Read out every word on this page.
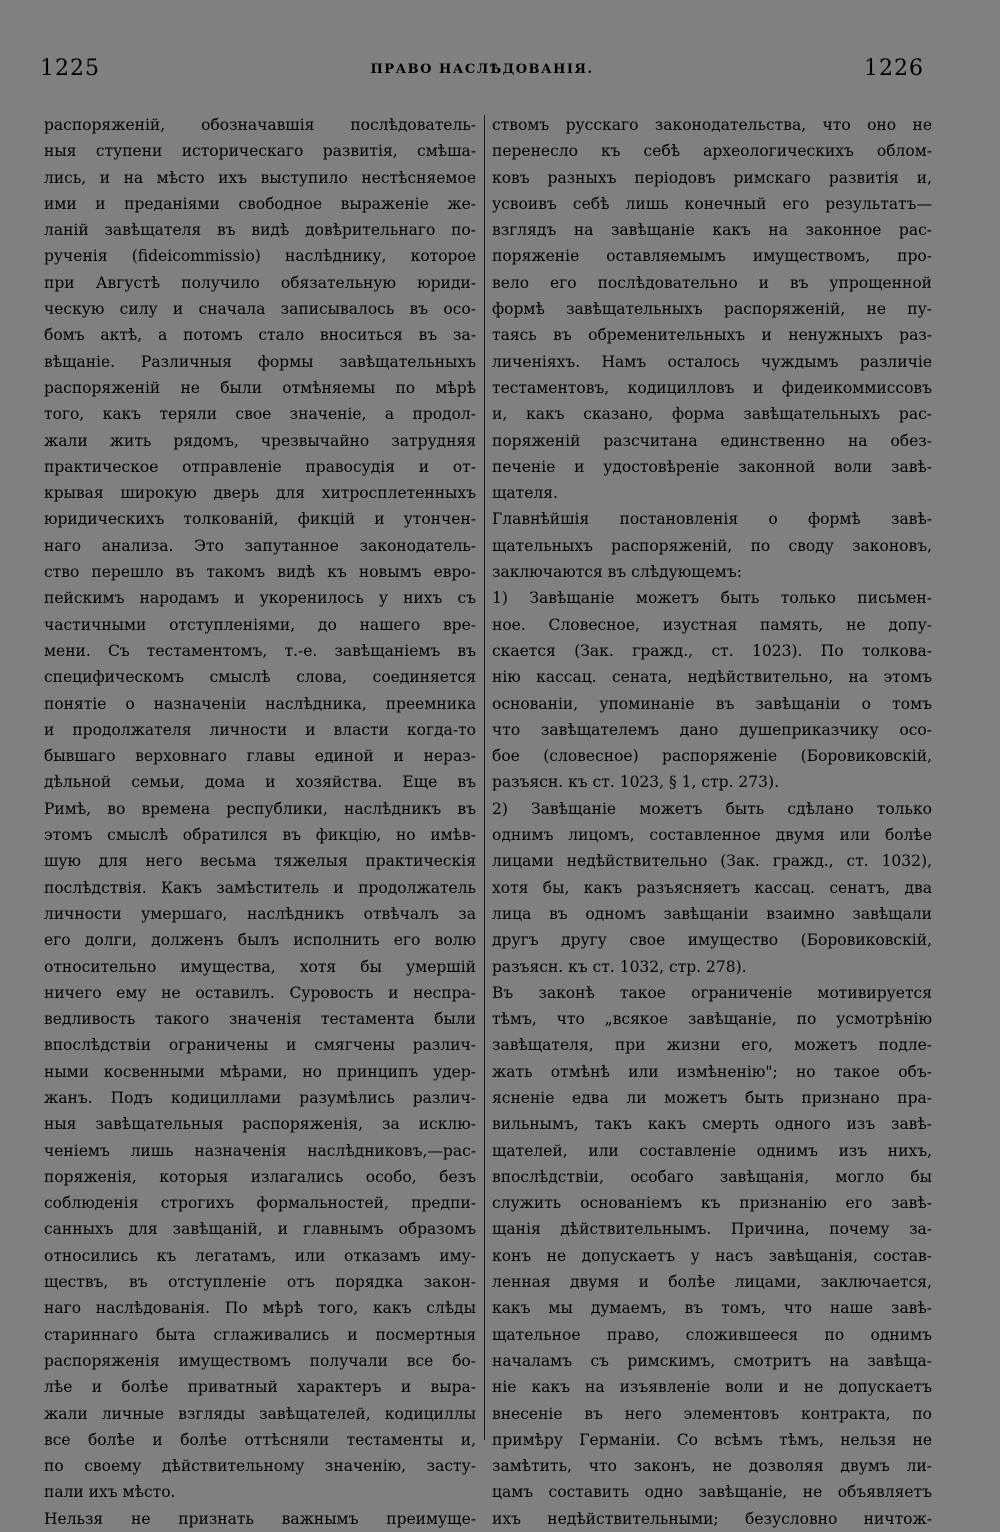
1225	ПРАВО НАСЛѢДОВАНІЯ.	1226
распоряженій, обозначавшія послѣдователь-
ныя ступени историческаго развитія, смѣша-
лись, и на мѣсто ихъ выступило нестѣсняемое
ими и преданіями свободное выраженіе же-
ланій завѣщателя въ видѣ довѣрительнаго по-
рученія (fideicommissio) наслѣднику, которое
при Августѣ получило обязательную юриди-
ческую силу и сначала записывалось въ осо-
бомъ актѣ, а потомъ стало вноситься въ за-
вѣщаніе. Различныя формы завѣщательныхъ
распоряженій не были отмѣняемы по мѣрѣ
того, какъ теряли свое значеніе, а продол-
жали жить рядомъ, чрезвычайно затрудняя
практическое отправленіе правосудія и от-
крывая широкую дверь для хитросплетенныхъ
юридическихъ толкованій, фикцій и утончен-
наго анализа. Это запутанное законодатель-
ство перешло въ такомъ видѣ къ новымъ евро-
пейскимъ народамъ и укоренилось у нихъ съ
частичными отступленіями, до нашего вре-
мени. Съ тестаментомъ, т.-е. завѣщаніемъ въ
специфическомъ смыслѣ слова, соединяется
понятіе о назначеніи наслѣдника, преемника
и продолжателя личности и власти когда-то
бывшаго верховнаго главы единой и нераз-
дѣльной семьи, дома и хозяйства. Еще въ
Римѣ, во времена республики, наслѣдникъ въ
этомъ смыслѣ обратился въ фикцію, но имѣв-
шую для него весьма тяжелыя практическія
послѣдствія. Какъ замѣститель и продолжатель
личности умершаго, наслѣдникъ отвѣчалъ за
его долги, долженъ былъ исполнить его волю
относительно имущества, хотя бы умершій
ничего ему не оставилъ. Суровость и неспра-
ведливость такого значенія тестамента были
впослѣдствіи ограничены и смягчены различ-
ными косвенными мѣрами, но принципъ удер-
жанъ. Подъ кодициллами разумѣлись различ-
ныя завѣщательныя распоряженія, за исклю-
ченіемъ лишь назначенія наслѣдниковъ,—рас-
поряженія, которыя излагались особо, безъ
соблюденія строгихъ формальностей, предпи-
санныхъ для завѣщаній, и главнымъ образомъ
относились къ легатамъ, или отказамъ иму-
ществъ, въ отступленіе отъ порядка закон-
наго наслѣдованія. По мѣрѣ того, какъ слѣды
стариннаго быта сглаживались и посмертныя
распоряженія имуществомъ получали все бо-
лѣе и болѣе приватный характеръ и выра-
жали личные взгляды завѣщателей, кодициллы
все болѣе и болѣе оттѣсняли тестаменты и,
по своему дѣйствительному значенію, засту-
пали ихъ мѣсто.
Нельзя не признать важнымъ преимуще-
ствомъ русскаго законодательства, что оно не
перенесло къ себѣ археологическихъ облом-
ковъ разныхъ періодовъ римскаго развитія и,
усвоивъ себѣ лишь конечный его результатъ—
взглядъ на завѣщаніе какъ на законное рас-
поряженіе оставляемымъ имуществомъ, про-
вело его послѣдовательно и въ упрощенной
формѣ завѣщательныхъ распоряженій, не пу-
таясь въ обременительныхъ и ненужныхъ раз-
личеніяхъ. Намъ осталось чуждымъ различіе
тестаментовъ, кодицилловъ и фидеикоммиссовъ
и, какъ сказано, форма завѣщательныхъ рас-
поряженій разсчитана единственно на обез-
печеніе и удостовѣреніе законной воли завѣ-
щателя.
Главнѣйшія постановленія о формѣ завѣ-
щательныхъ распоряженій, по своду законовъ,
заключаются въ слѣдующемъ:
1) Завѣщаніе можетъ быть только письмен-
ное. Словесное, изустная память, не допу-
скается (Зак. гражд., ст. 1023). По толкова-
нію кассац. сената, недѣйствительно, на этомъ
основаніи, упоминаніе въ завѣщаніи о томъ
что завѣщателемъ дано душеприказчику осо-
бое (словесное) распоряженіе (Боровиковскій,
разъясн. къ ст. 1023, § 1, стр. 273).
2) Завѣщаніе можетъ быть сдѣлано только
однимъ лицомъ, составленное двумя или болѣе
лицами недѣйствительно (Зак. гражд., ст. 1032),
хотя бы, какъ разъясняетъ кассац. сенатъ, два
лица въ одномъ завѣщаніи взаимно завѣщали
другъ другу свое имущество (Боровиковскій,
разъясн. къ ст. 1032, стр. 278).
Въ законѣ такое ограниченіе мотивируется
тѣмъ, что „всякое завѣщаніе, по усмотрѣнію
завѣщателя, при жизни его, можетъ подле-
жать отмѣнѣ или измѣненію"; но такое объ-
ясненіе едва ли можетъ быть признано пра-
вильнымъ, такъ какъ смерть одного изъ завѣ-
щателей, или составленіе однимъ изъ нихъ,
впослѣдствіи, особаго завѣщанія, могло бы
служить основаніемъ къ признанію его завѣ-
щанія дѣйствительнымъ. Причина, почему за-
конъ не допускаетъ у насъ завѣщанія, состав-
ленная двумя и болѣе лицами, заключается,
какъ мы думаемъ, въ томъ, что наше завѣ-
щательное право, сложившееся по однимъ
началамъ съ римскимъ, смотритъ на завѣща-
ніе какъ на изъявленіе воли и не допускаетъ
внесеніе въ него элементовъ контракта, по
примѣру Германіи. Со всѣмъ тѣмъ, нельзя не
замѣтить, что законъ, не дозволяя двумъ ли-
цамъ составить одно завѣщаніе, не объявляетъ
ихъ недѣйствительными; безусловно ничтож-
